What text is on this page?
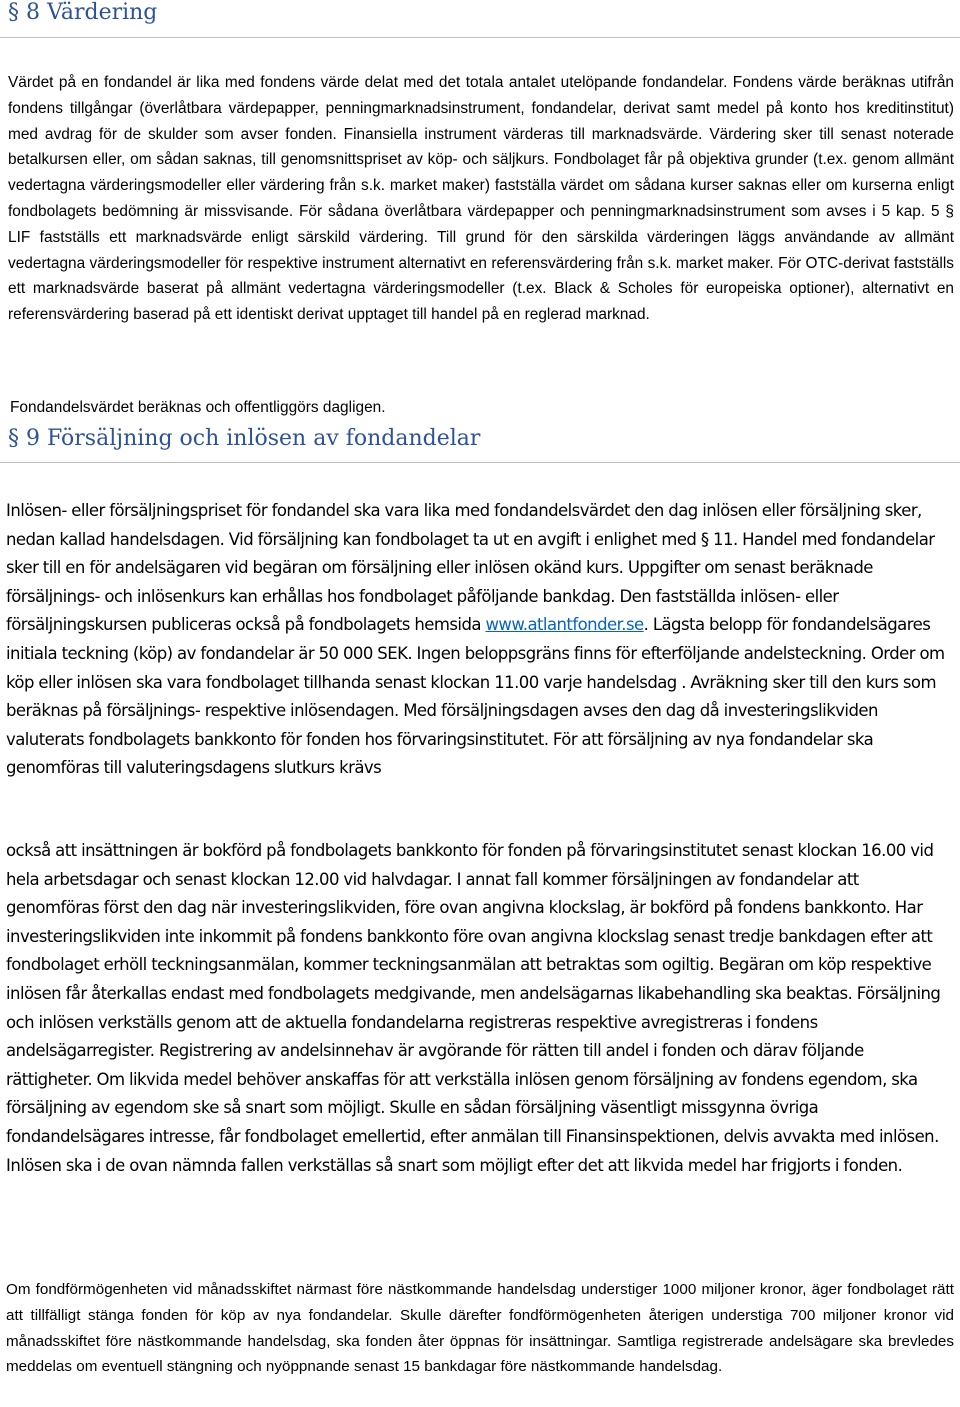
§ 8 Värdering

Värdet på en fondandel är lika med fondens värde delat med det totala antalet utelöpande fondandelar. Fondens värde beräknas utifrån fondens tillgångar (överlåtbara värdepapper, penningmarknadsinstrument, fondandelar, derivat samt medel på konto hos kreditinstitut) med avdrag för de skulder som avser fonden. Finansiella instrument värderas till marknadsvärde. Värdering sker till senast noterade betalkursen eller, om sådan saknas, till genomsnittspriset av köp- och säljkurs. Fondbolaget får på objektiva grunder (t.ex. genom allmänt vedertagna värderingsmodeller eller värdering från s.k. market maker) fastställa värdet om sådana kurser saknas eller om kurserna enligt fondbolagets bedömning är missvisande. För sådana överlåtbara värdepapper och penningmarknadsinstrument som avses i 5 kap. 5 § LIF fastställs ett marknadsvärde enligt särskild värdering. Till grund för den särskilda värderingen läggs användande av allmänt vedertagna värderingsmodeller för respektive instrument alternativt en referensvärdering från s.k. market maker. För OTC-derivat fastställs ett marknadsvärde baserat på allmänt vedertagna värderingsmodeller (t.ex. Black & Scholes för europeiska optioner), alternativt en referensvärdering baserad på ett identiskt derivat upptaget till handel på en reglerad marknad.

Fondandelsvärdet beräknas och offentliggörs dagligen.

§ 9 Försäljning och inlösen av fondandelar

Inlösen- eller försäljningspriset för fondandel ska vara lika med fondandelsvärdet den dag inlösen eller försäljning sker, nedan kallad handelsdagen. Vid försäljning kan fondbolaget ta ut en avgift i enlighet med § 11. Handel med fondandelar sker till en för andelsägaren vid begäran om försäljning eller inlösen okänd kurs. Uppgifter om senast beräknade försäljnings- och inlösenkurs kan erhållas hos fondbolaget påföljande bankdag. Den fastställda inlösen- eller försäljningskursen publiceras också på fondbolagets hemsida www.atlantfonder.se. Lägsta belopp för fondandelsägares initiala teckning (köp) av fondandelar är 50 000 SEK. Ingen beloppsgräns finns för efterföljande andelsteckning. Order om köp eller inlösen ska vara fondbolaget tillhanda senast klockan 11.00 varje handelsdag . Avräkning sker till den kurs som beräknas på försäljnings- respektive inlösendagen. Med försäljningsdagen avses den dag då investeringslikviden valuterats fondbolagets bankkonto för fonden hos förvaringsinstitutet. För att försäljning av nya fondandelar ska genomföras till valuteringsdagens slutkurs krävs

också att insättningen är bokförd på fondbolagets bankkonto för fonden på förvaringsinstitutet senast klockan 16.00 vid hela arbetsdagar och senast klockan 12.00 vid halvdagar. I annat fall kommer försäljningen av fondandelar att genomföras först den dag när investeringslikviden, före ovan angivna klockslag, är bokförd på fondens bankkonto. Har investeringslikviden inte inkommit på fondens bankkonto före ovan angivna klockslag senast tredje bankdagen efter att fondbolaget erhöll teckningsanmälan, kommer teckningsanmälan att betraktas som ogiltig. Begäran om köp respektive inlösen får återkallas endast med fondbolagets medgivande, men andelsägarnas likabehandling ska beaktas. Försäljning och inlösen verkställs genom att de aktuella fondandelarna registreras respektive avregistreras i fondens andelsägarregister. Registrering av andelsinnehav är avgörande för rätten till andel i fonden och därav följande rättigheter. Om likvida medel behöver anskaffas för att verkställa inlösen genom försäljning av fondens egendom, ska försäljning av egendom ske så snart som möjligt. Skulle en sådan försäljning väsentligt missgynna övriga fondandelsägares intresse, får fondbolaget emellertid, efter anmälan till Finansinspektionen, delvis avvakta med inlösen. Inlösen ska i de ovan nämnda fallen verkställas så snart som möjligt efter det att likvida medel har frigjorts i fonden.

Om fondförmögenheten vid månadsskiftet närmast före nästkommande handelsdag understiger 1000 miljoner kronor, äger fondbolaget rätt att tillfälligt stänga fonden för köp av nya fondandelar. Skulle därefter fondförmögenheten återigen understiga 700 miljoner kronor vid månadsskiftet före nästkommande handelsdag, ska fonden åter öppnas för insättningar. Samtliga registrerade andelsägare ska brevledes meddelas om eventuell stängning och nyöppnande senast 15 bankdagar före nästkommande handelsdag.
